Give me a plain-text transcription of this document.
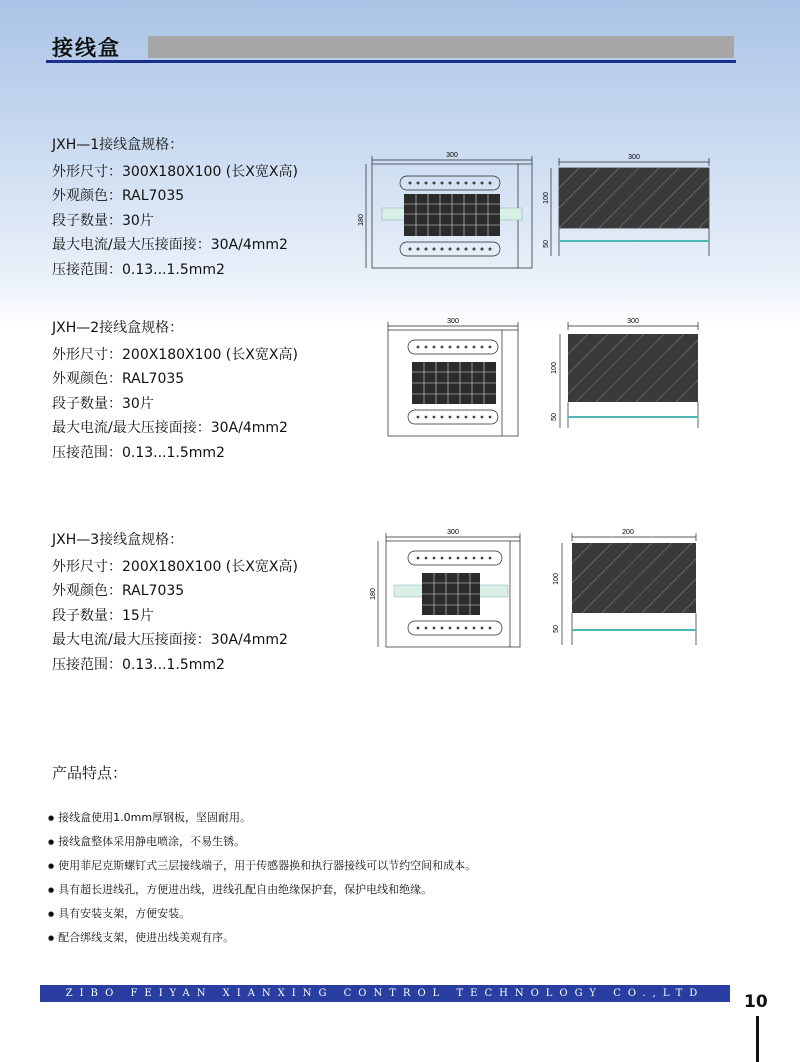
接线盒
JXH—1接线盒规格：
外形尺寸：300X180X100 (长X宽X高)
外观颜色：RAL7035
段子数量：30片
最大电流/最大压接面接：30A/4mm2
压接范围：0.13...1.5mm2
JXH—2接线盒规格：
外形尺寸：200X180X100 (长X宽X高)
外观颜色：RAL7035
段子数量：30片
最大电流/最大压接面接：30A/4mm2
压接范围：0.13...1.5mm2
JXH—3接线盒规格：
外形尺寸：200X180X100 (长X宽X高)
外观颜色：RAL7035
段子数量：15片
最大电流/最大压接面接：30A/4mm2
压接范围：0.13...1.5mm2
300
180
300
100
50
300	300
100
50
300
180
200
100
50
产品特点：
● 接线盒使用1.0mm厚钢板，坚固耐用。
● 接线盒整体采用静电喷涂，不易生锈。
● 使用菲尼克斯螺钉式三层接线端子，用于传感器换和执行器接线可以节约空间和成本。
● 具有超长进线孔，方便进出线，进线孔配自由绝缘保护套，保护电线和绝缘。
● 具有安装支架，方便安装。
● 配合绑线支架，使进出线美观有序。
ZIBO FEIYAN XIANXING CONTROL TECHNOLOGY CO.,LTD	10
